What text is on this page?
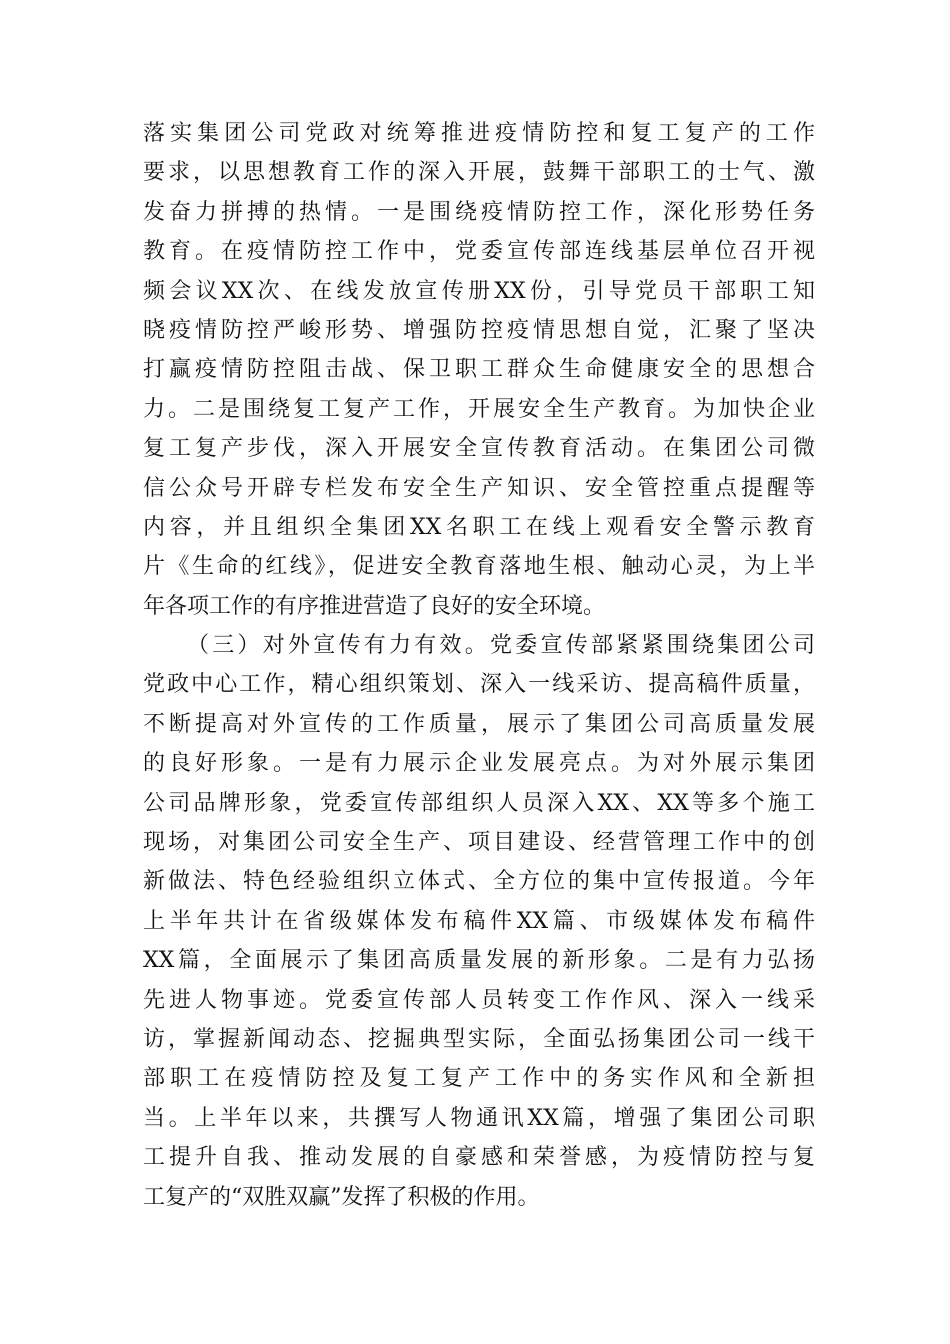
落实集团公司党政对统筹推进疫情防控和复工复产的工作
要求，以思想教育工作的深入开展，鼓舞干部职工的士气、激
发奋力拼搏的热情。一是围绕疫情防控工作，深化形势任务
教育。在疫情防控工作中，党委宣传部连线基层单位召开视
频会议XX次、在线发放宣传册XX份，引导党员干部职工知
晓疫情防控严峻形势、增强防控疫情思想自觉，汇聚了坚决
打赢疫情防控阻击战、保卫职工群众生命健康安全的思想合
力。二是围绕复工复产工作，开展安全生产教育。为加快企业
复工复产步伐，深入开展安全宣传教育活动。在集团公司微
信公众号开辟专栏发布安全生产知识、安全管控重点提醒等
内容，并且组织全集团XX名职工在线上观看安全警示教育
片《生命的红线》，促进安全教育落地生根、触动心灵，为上半
年各项工作的有序推进营造了良好的安全环境。
（三）对外宣传有力有效。党委宣传部紧紧围绕集团公司
党政中心工作，精心组织策划、深入一线采访、提高稿件质量，
不断提高对外宣传的工作质量，展示了集团公司高质量发展
的良好形象。一是有力展示企业发展亮点。为对外展示集团
公司品牌形象，党委宣传部组织人员深入XX、XX等多个施工
现场，对集团公司安全生产、项目建设、经营管理工作中的创
新做法、特色经验组织立体式、全方位的集中宣传报道。今年
上半年共计在省级媒体发布稿件XX篇、市级媒体发布稿件
XX篇，全面展示了集团高质量发展的新形象。二是有力弘扬
先进人物事迹。党委宣传部人员转变工作作风、深入一线采
访，掌握新闻动态、挖掘典型实际，全面弘扬集团公司一线干
部职工在疫情防控及复工复产工作中的务实作风和全新担
当。上半年以来，共撰写人物通讯XX篇，增强了集团公司职
工提升自我、推动发展的自豪感和荣誉感，为疫情防控与复
工复产的“双胜双赢”发挥了积极的作用。
